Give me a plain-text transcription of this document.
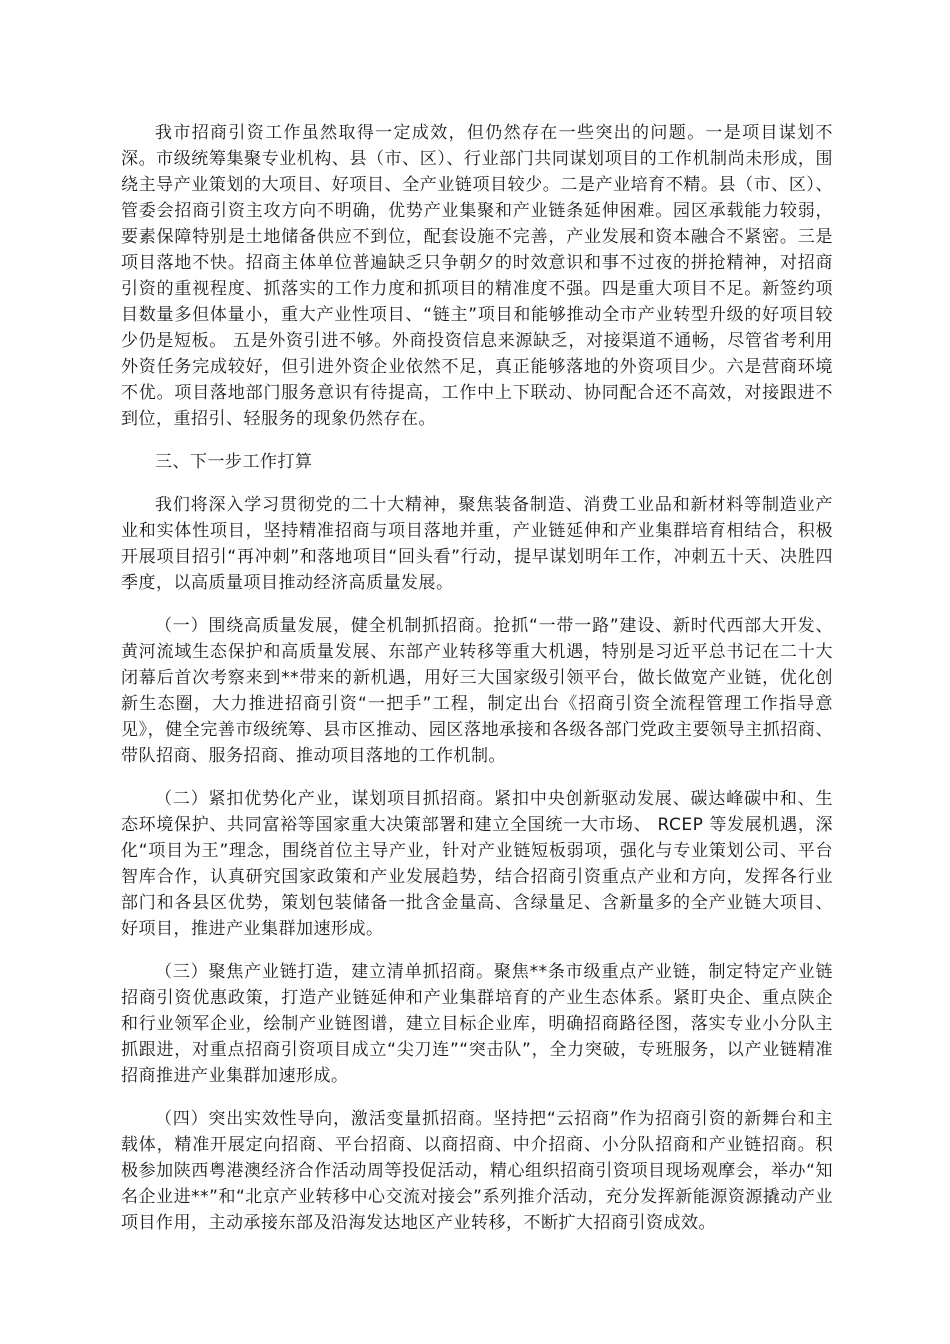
我市招商引资工作虽然取得一定成效，但仍然存在一些突出的问题。一是项目谋划不深。市级统筹集聚专业机构、县（市、区）、行业部门共同谋划项目的工作机制尚未形成，围绕主导产业策划的大项目、好项目、全产业链项目较少。二是产业培育不精。县（市、区）、管委会招商引资主攻方向不明确，优势产业集聚和产业链条延伸困难。园区承载能力较弱，要素保障特别是土地储备供应不到位，配套设施不完善，产业发展和资本融合不紧密。三是项目落地不快。招商主体单位普遍缺乏只争朝夕的时效意识和事不过夜的拼抢精神，对招商引资的重视程度、抓落实的工作力度和抓项目的精准度不强。四是重大项目不足。新签约项目数量多但体量小，重大产业性项目、“链主”项目和能够推动全市产业转型升级的好项目较少仍是短板。 五是外资引进不够。外商投资信息来源缺乏，对接渠道不通畅，尽管省考利用外资任务完成较好，但引进外资企业依然不足，真正能够落地的外资项目少。六是营商环境不优。项目落地部门服务意识有待提高，工作中上下联动、协同配合还不高效，对接跟进不到位，重招引、轻服务的现象仍然存在。

三、下一步工作打算

我们将深入学习贯彻党的二十大精神，聚焦装备制造、消费工业品和新材料等制造业产业和实体性项目，坚持精准招商与项目落地并重，产业链延伸和产业集群培育相结合，积极开展项目招引“再冲刺”和落地项目“回头看”行动，提早谋划明年工作，冲刺五十天、决胜四季度，以高质量项目推动经济高质量发展。

（一）围绕高质量发展，健全机制抓招商。抢抓“一带一路”建设、新时代西部大开发、黄河流域生态保护和高质量发展、东部产业转移等重大机遇，特别是习近平总书记在二十大闭幕后首次考察来到**带来的新机遇，用好三大国家级引领平台，做长做宽产业链，优化创新生态圈，大力推进招商引资“一把手”工程，制定出台《招商引资全流程管理工作指导意见》，健全完善市级统筹、县市区推动、园区落地承接和各级各部门党政主要领导主抓招商、带队招商、服务招商、推动项目落地的工作机制。

（二）紧扣优势化产业，谋划项目抓招商。紧扣中央创新驱动发展、碳达峰碳中和、生态环境保护、共同富裕等国家重大决策部署和建立全国统一大市场、 RCEP 等发展机遇，深化“项目为王”理念，围绕首位主导产业，针对产业链短板弱项，强化与专业策划公司、平台智库合作，认真研究国家政策和产业发展趋势，结合招商引资重点产业和方向，发挥各行业部门和各县区优势，策划包装储备一批含金量高、含绿量足、含新量多的全产业链大项目、好项目，推进产业集群加速形成。

（三）聚焦产业链打造，建立清单抓招商。聚焦**条市级重点产业链，制定特定产业链招商引资优惠政策，打造产业链延伸和产业集群培育的产业生态体系。紧盯央企、重点陕企和行业领军企业，绘制产业链图谱，建立目标企业库，明确招商路径图，落实专业小分队主抓跟进，对重点招商引资项目成立“尖刀连”“突击队”，全力突破，专班服务，以产业链精准招商推进产业集群加速形成。

（四）突出实效性导向，激活变量抓招商。坚持把“云招商”作为招商引资的新舞台和主载体，精准开展定向招商、平台招商、以商招商、中介招商、小分队招商和产业链招商。积极参加陕西粤港澳经济合作活动周等投促活动，精心组织招商引资项目现场观摩会，举办“知名企业进**”和“北京产业转移中心交流对接会”系列推介活动，充分发挥新能源资源撬动产业项目作用，主动承接东部及沿海发达地区产业转移，不断扩大招商引资成效。
